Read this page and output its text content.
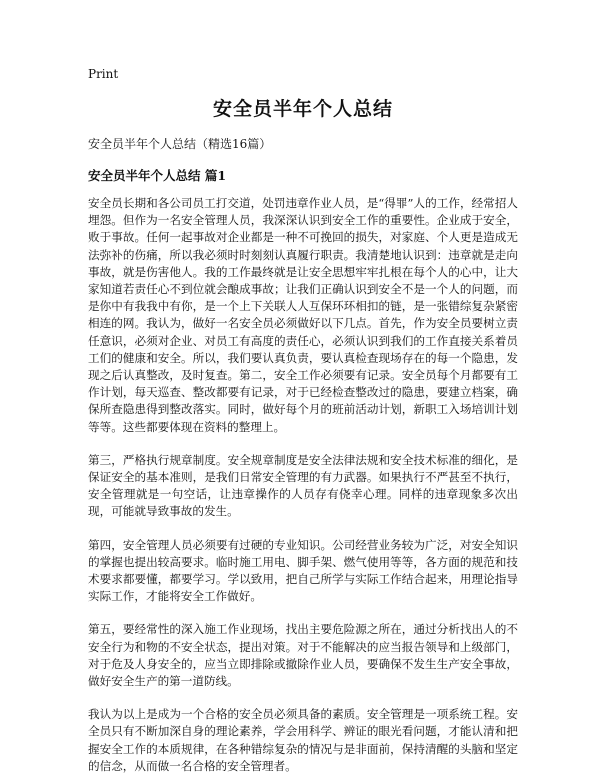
Print
安全员半年个人总结
安全员半年个人总结（精选16篇）
安全员半年个人总结 篇1

安全员长期和各公司员工打交道，处罚违章作业人员，是“得罪”人的工作，经常招人埋怨。但作为一名安全管理人员，我深深认识到安全工作的重要性。企业成于安全，败于事故。任何一起事故对企业都是一种不可挽回的损失，对家庭、个人更是造成无法弥补的伤痛，所以我必须时时刻刻认真履行职责。我清楚地认识到：违章就是走向事故，就是伤害他人。我的工作最终就是让安全思想牢牢扎根在每个人的心中，让大家知道若责任心不到位就会酿成事故；让我们正确认识到安全不是一个人的问题，而是你中有我我中有你，是一个上下关联人人互保环环相扣的链，是一张错综复杂紧密相连的网。我认为，做好一名安全员必须做好以下几点。首先，作为安全员要树立责任意识，必须对企业、对员工有高度的责任心，必须认识到我们的工作直接关系着员工们的健康和安全。所以，我们要认真负责，要认真检查现场存在的每一个隐患，发现之后认真整改，及时复查。第二，安全工作必须要有记录。安全员每个月都要有工作计划，每天巡查、整改都要有记录，对于已经检查整改过的隐患，要建立档案，确保所查隐患得到整改落实。同时，做好每个月的班前活动计划，新职工入场培训计划等等。这些都要体现在资料的整理上。

第三，严格执行规章制度。安全规章制度是安全法律法规和安全技术标准的细化，是保证安全的基本准则，是我们日常安全管理的有力武器。如果执行不严甚至不执行，安全管理就是一句空话，让违章操作的人员存有侥幸心理。同样的违章现象多次出现，可能就导致事故的发生。

第四，安全管理人员必须要有过硬的专业知识。公司经营业务较为广泛，对安全知识的掌握也提出较高要求。临时施工用电、脚手架、燃气使用等等，各方面的规范和技术要求都要懂，都要学习。学以致用，把自己所学与实际工作结合起来，用理论指导实际工作，才能将安全工作做好。

第五，要经常性的深入施工作业现场，找出主要危险源之所在，通过分析找出人的不安全行为和物的不安全状态，提出对策。对于不能解决的应当报告领导和上级部门，对于危及人身安全的，应当立即排除或撤除作业人员，要确保不发生生产安全事故，做好安全生产的第一道防线。

我认为以上是成为一个合格的安全员必须具备的素质。安全管理是一项系统工程。安全员只有不断加深自身的理论素养，学会用科学、辨证的眼光看问题，才能认清和把握安全工作的本质规律，在各种错综复杂的情况与是非面前，保持清醒的头脑和坚定的信念，从而做一名合格的安全管理者。
